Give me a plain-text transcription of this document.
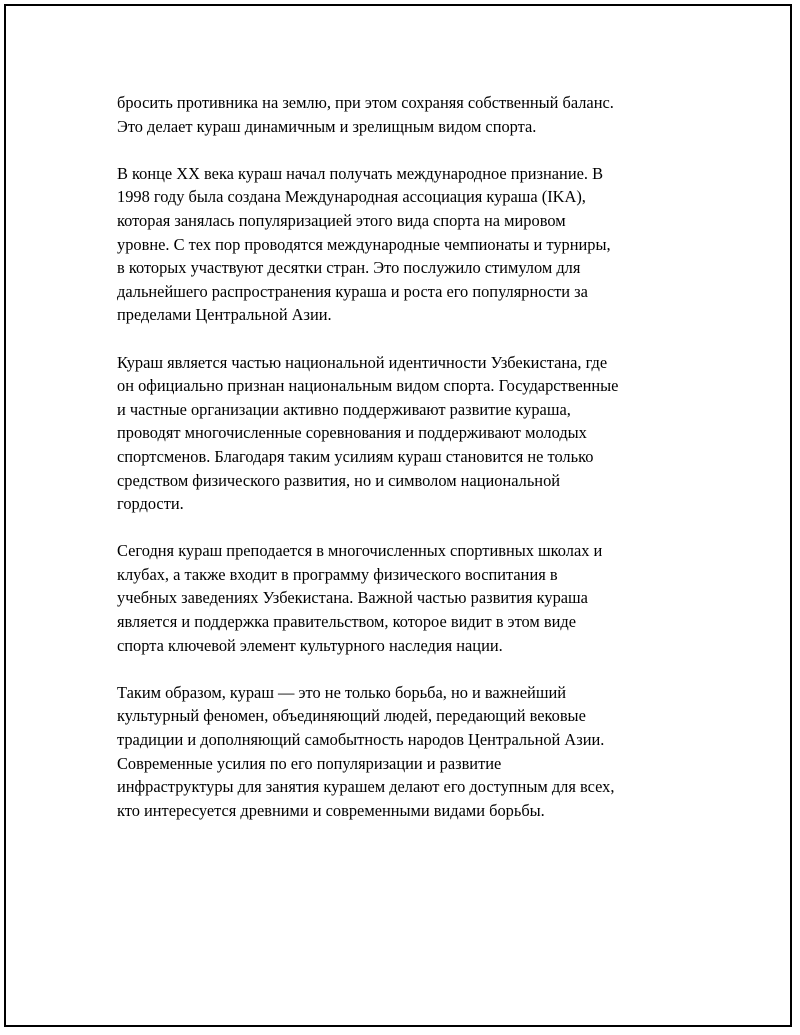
бросить противника на землю, при этом сохраняя собственный баланс.
Это делает кураш динамичным и зрелищным видом спорта.

В конце XX века кураш начал получать международное признание. В
1998 году была создана Международная ассоциация кураша (IKA),
которая занялась популяризацией этого вида спорта на мировом
уровне. С тех пор проводятся международные чемпионаты и турниры,
в которых участвуют десятки стран. Это послужило стимулом для
дальнейшего распространения кураша и роста его популярности за
пределами Центральной Азии.

Кураш является частью национальной идентичности Узбекистана, где
он официально признан национальным видом спорта. Государственные
и частные организации активно поддерживают развитие кураша,
проводят многочисленные соревнования и поддерживают молодых
спортсменов. Благодаря таким усилиям кураш становится не только
средством физического развития, но и символом национальной
гордости.

Сегодня кураш преподается в многочисленных спортивных школах и
клубах, а также входит в программу физического воспитания в
учебных заведениях Узбекистана. Важной частью развития кураша
является и поддержка правительством, которое видит в этом виде
спорта ключевой элемент культурного наследия нации.

Таким образом, кураш — это не только борьба, но и важнейший
культурный феномен, объединяющий людей, передающий вековые
традиции и дополняющий самобытность народов Центральной Азии.
Современные усилия по его популяризации и развитие
инфраструктуры для занятия курашем делают его доступным для всех,
кто интересуется древними и современными видами борьбы.
